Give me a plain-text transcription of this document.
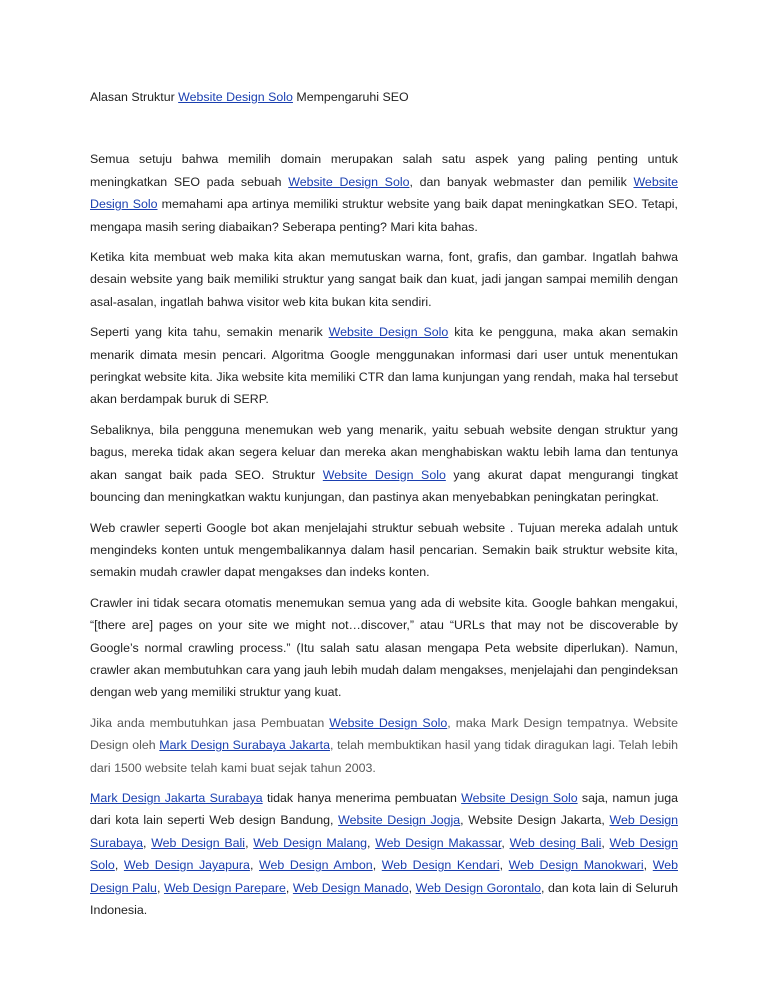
Alasan Struktur Website Design Solo Mempengaruhi SEO

Semua setuju bahwa memilih domain merupakan salah satu aspek yang paling penting untuk meningkatkan SEO pada sebuah Website Design Solo, dan banyak webmaster dan pemilik Website Design Solo memahami apa artinya memiliki struktur website yang baik dapat meningkatkan SEO. Tetapi, mengapa masih sering diabaikan? Seberapa penting? Mari kita bahas.

Ketika kita membuat web maka kita akan memutuskan warna, font, grafis, dan gambar. Ingatlah bahwa desain website yang baik memiliki struktur yang sangat baik dan kuat, jadi jangan sampai memilih dengan asal-asalan, ingatlah bahwa visitor web kita bukan kita sendiri.

Seperti yang kita tahu, semakin menarik Website Design Solo kita ke pengguna, maka akan semakin menarik dimata mesin pencari. Algoritma Google menggunakan informasi dari user untuk menentukan peringkat website kita. Jika website kita memiliki CTR dan lama kunjungan yang rendah, maka hal tersebut akan berdampak buruk di SERP.

Sebaliknya, bila pengguna menemukan web yang menarik, yaitu sebuah website dengan struktur yang bagus, mereka tidak akan segera keluar dan mereka akan menghabiskan waktu lebih lama dan tentunya akan sangat baik pada SEO. Struktur Website Design Solo yang akurat dapat mengurangi tingkat bouncing dan meningkatkan waktu kunjungan, dan pastinya akan menyebabkan peningkatan peringkat.

Web crawler seperti Google bot akan menjelajahi struktur sebuah website . Tujuan mereka adalah untuk mengindeks konten untuk mengembalikannya dalam hasil pencarian. Semakin baik struktur website kita, semakin mudah crawler dapat mengakses dan indeks konten.

Crawler ini tidak secara otomatis menemukan semua yang ada di website kita. Google bahkan mengakui, “[there are] pages on your site we might not…discover,” atau “URLs that may not be discoverable by Google’s normal crawling process.” (Itu salah satu alasan mengapa Peta website diperlukan). Namun, crawler akan membutuhkan cara yang jauh lebih mudah dalam mengakses, menjelajahi dan pengindeksan dengan web yang memiliki struktur yang kuat.

Jika anda membutuhkan jasa Pembuatan Website Design Solo, maka Mark Design tempatnya. Website Design oleh Mark Design Surabaya Jakarta, telah membuktikan hasil yang tidak diragukan lagi. Telah lebih dari 1500 website telah kami buat sejak tahun 2003.

Mark Design Jakarta Surabaya tidak hanya menerima pembuatan Website Design Solo saja, namun juga dari kota lain seperti Web design Bandung, Website Design Jogja, Website Design Jakarta, Web Design Surabaya, Web Design Bali, Web Design Malang, Web Design Makassar, Web desing Bali, Web Design Solo, Web Design Jayapura, Web Design Ambon, Web Design Kendari, Web Design Manokwari, Web Design Palu, Web Design Parepare, Web Design Manado, Web Design Gorontalo, dan kota lain di Seluruh Indonesia.
